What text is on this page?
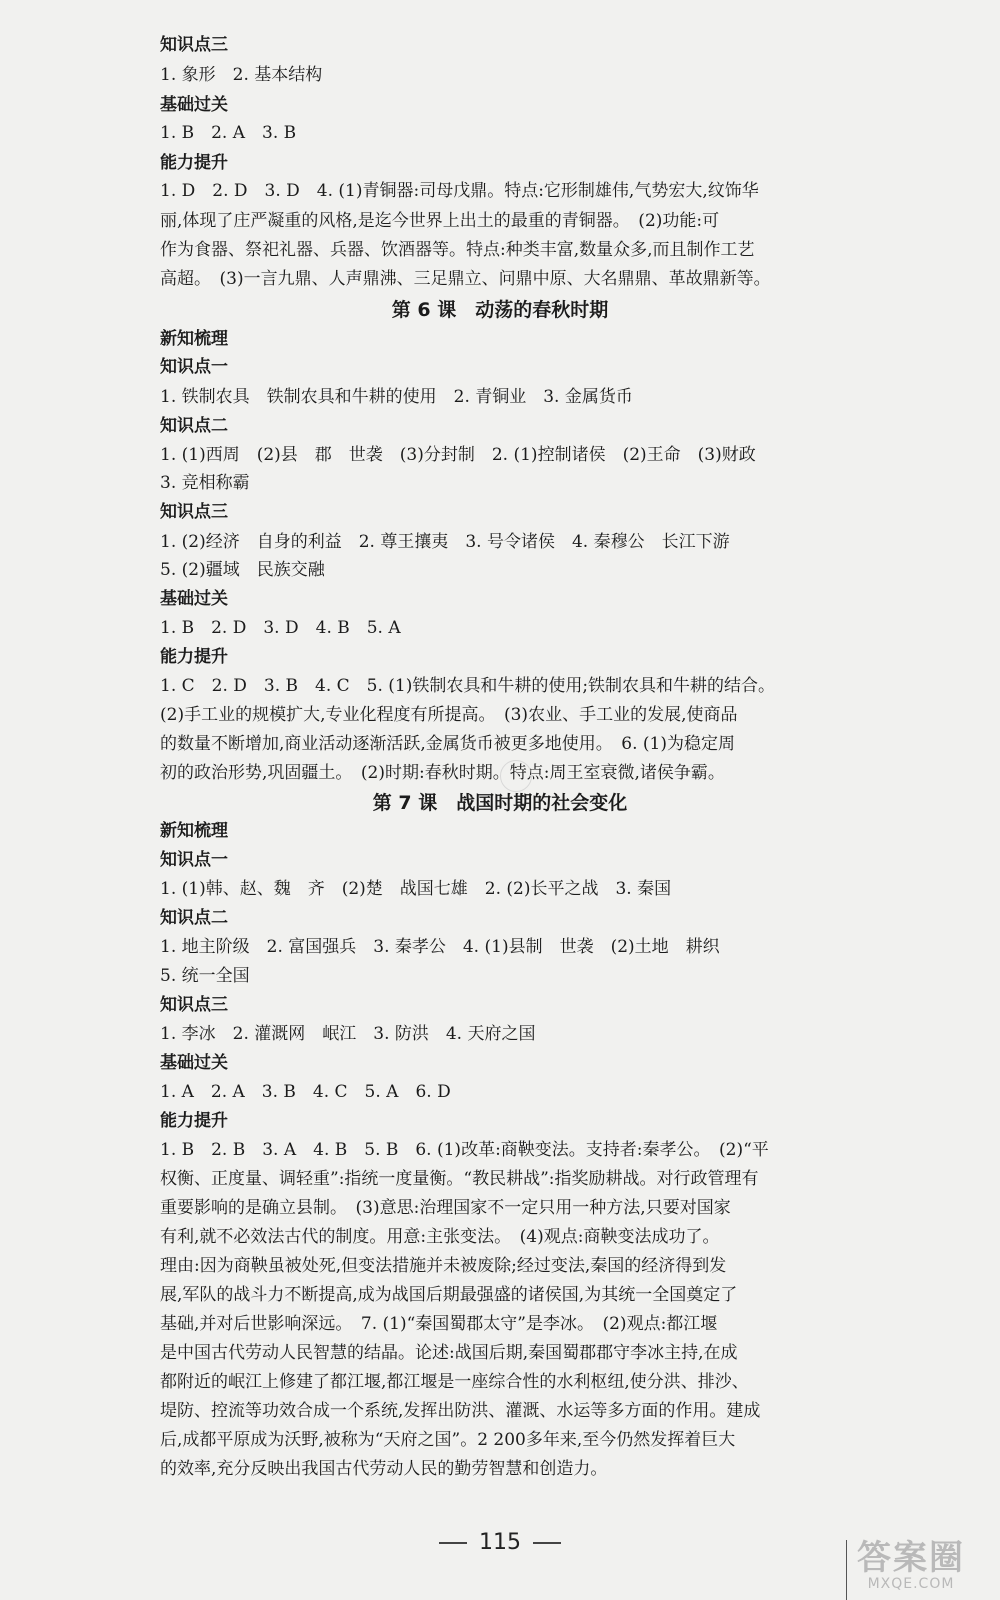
知识点三
1. 象形　2. 基本结构
基础过关
1. B　2. A　3. B
能力提升
1. D　2. D　3. D　4. (1)青铜器:司母戊鼎。特点:它形制雄伟,气势宏大,纹饰华
丽,体现了庄严凝重的风格,是迄今世界上出土的最重的青铜器。　(2)功能:可
作为食器、祭祀礼器、兵器、饮酒器等。特点:种类丰富,数量众多,而且制作工艺
高超。　(3)一言九鼎、人声鼎沸、三足鼎立、问鼎中原、大名鼎鼎、革故鼎新等。
第 6 课　动荡的春秋时期
新知梳理
知识点一
1. 铁制农具　铁制农具和牛耕的使用　2. 青铜业　3. 金属货币
知识点二
1. (1)西周　(2)县　郡　世袭　(3)分封制　2. (1)控制诸侯　(2)王命　(3)财政
3. 竞相称霸
知识点三
1. (2)经济　自身的利益　2. 尊王攘夷　3. 号令诸侯　4. 秦穆公　长江下游
5. (2)疆域　民族交融
基础过关
1. B　2. D　3. D　4. B　5. A
能力提升
1. C　2. D　3. B　4. C　5. (1)铁制农具和牛耕的使用;铁制农具和牛耕的结合。
(2)手工业的规模扩大,专业化程度有所提高。　(3)农业、手工业的发展,使商品
的数量不断增加,商业活动逐渐活跃,金属货币被更多地使用。　6. (1)为稳定周
初的政治形势,巩固疆土。　(2)时期:春秋时期。特点:周王室衰微,诸侯争霸。
第 7 课　战国时期的社会变化
新知梳理
知识点一
1. (1)韩、赵、魏　齐　(2)楚　战国七雄　2. (2)长平之战　3. 秦国
知识点二
1. 地主阶级　2. 富国强兵　3. 秦孝公　4. (1)县制　世袭　(2)土地　耕织
5. 统一全国
知识点三
1. 李冰　2. 灌溉网　岷江　3. 防洪　4. 天府之国
基础过关
1. A　2. A　3. B　4. C　5. A　6. D
能力提升
1. B　2. B　3. A　4. B　5. B　6. (1)改革:商鞅变法。支持者:秦孝公。　(2)“平
权衡、正度量、调轻重”:指统一度量衡。“教民耕战”:指奖励耕战。对行政管理有
重要影响的是确立县制。　(3)意思:治理国家不一定只用一种方法,只要对国家
有利,就不必效法古代的制度。用意:主张变法。　(4)观点:商鞅变法成功了。
理由:因为商鞅虽被处死,但变法措施并未被废除;经过变法,秦国的经济得到发
展,军队的战斗力不断提高,成为战国后期最强盛的诸侯国,为其统一全国奠定了
基础,并对后世影响深远。　7. (1)“秦国蜀郡太守”是李冰。　(2)观点:都江堰
是中国古代劳动人民智慧的结晶。论述:战国后期,秦国蜀郡郡守李冰主持,在成
都附近的岷江上修建了都江堰,都江堰是一座综合性的水利枢纽,使分洪、排沙、
堤防、控流等功效合成一个系统,发挥出防洪、灌溉、水运等多方面的作用。建成
后,成都平原成为沃野,被称为“天府之国”。2 200多年来,至今仍然发挥着巨大
的效率,充分反映出我国古代劳动人民的勤劳智慧和创造力。
115	答案圈
MXQE.COM
